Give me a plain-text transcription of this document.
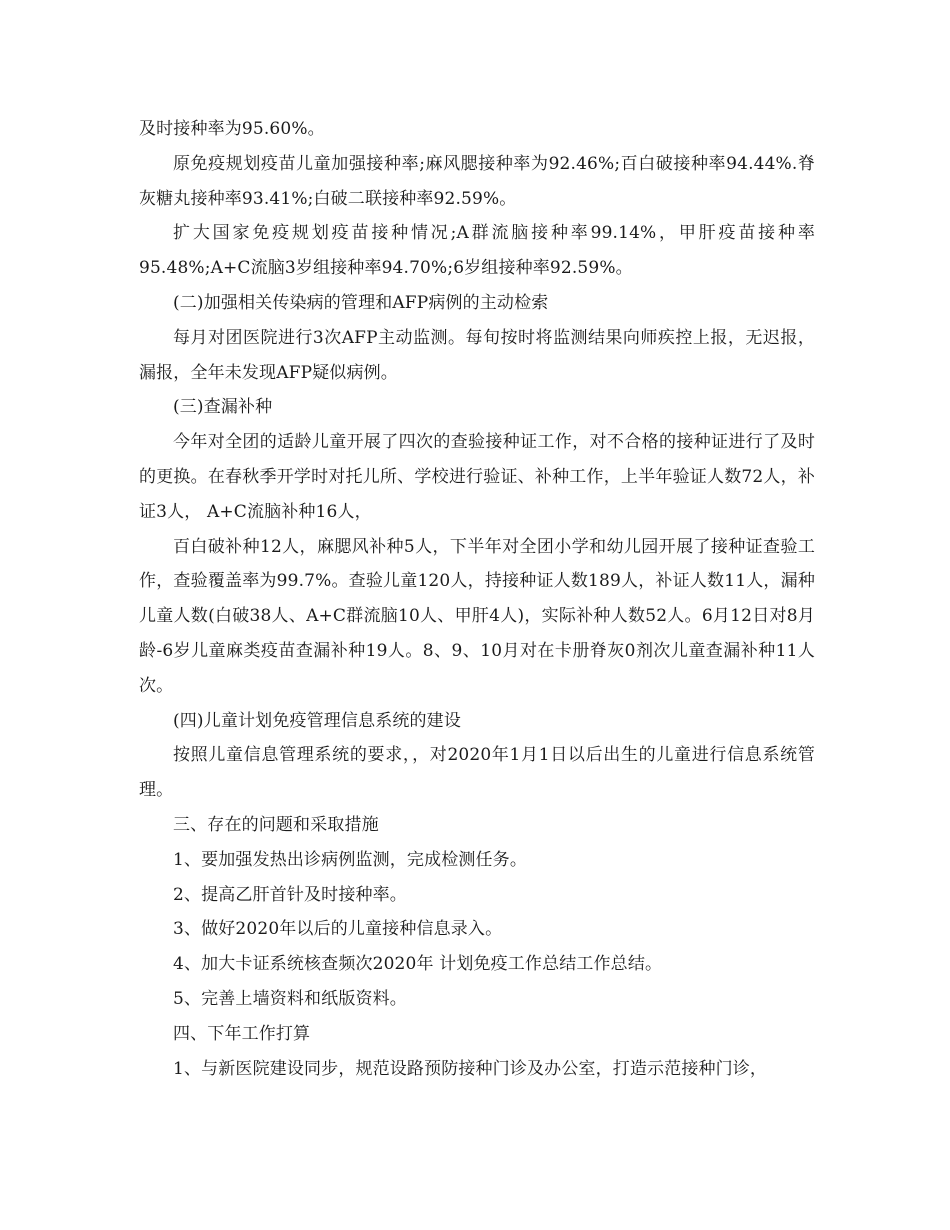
及时接种率为95.60%。

原免疫规划疫苗儿童加强接种率;麻风腮接种率为92.46%;百白破接种率94.44%.脊灰糖丸接种率93.41%;白破二联接种率92.59%。

扩大国家免疫规划疫苗接种情况;A群流脑接种率99.14%，甲肝疫苗接种率95.48%;A+C流脑3岁组接种率94.70%;6岁组接种率92.59%。

(二)加强相关传染病的管理和AFP病例的主动检索

每月对团医院进行3次AFP主动监测。每旬按时将监测结果向师疾控上报，无迟报，漏报，全年未发现AFP疑似病例。

(三)查漏补种

今年对全团的适龄儿童开展了四次的查验接种证工作，对不合格的接种证进行了及时的更换。在春秋季开学时对托儿所、学校进行验证、补种工作，上半年验证人数72人，补证3人， A+C流脑补种16人，

百白破补种12人，麻腮风补种5人，下半年对全团小学和幼儿园开展了接种证查验工作，查验覆盖率为99.7%。查验儿童120人，持接种证人数189人，补证人数11人，漏种儿童人数(白破38人、A+C群流脑10人、甲肝4人)，实际补种人数52人。6月12日对8月龄-6岁儿童麻类疫苗查漏补种19人。8、9、10月对在卡册脊灰0剂次儿童查漏补种11人次。

(四)儿童计划免疫管理信息系统的建设

按照儿童信息管理系统的要求，，对2020年1月1日以后出生的儿童进行信息系统管理。

三、存在的问题和采取措施

1、要加强发热出诊病例监测，完成检测任务。

2、提高乙肝首针及时接种率。

3、做好2020年以后的儿童接种信息录入。

4、加大卡证系统核查频次2020年 计划免疫工作总结工作总结。

5、完善上墙资料和纸版资料。

四、下年工作打算

1、与新医院建设同步，规范设路预防接种门诊及办公室，打造示范接种门诊，
